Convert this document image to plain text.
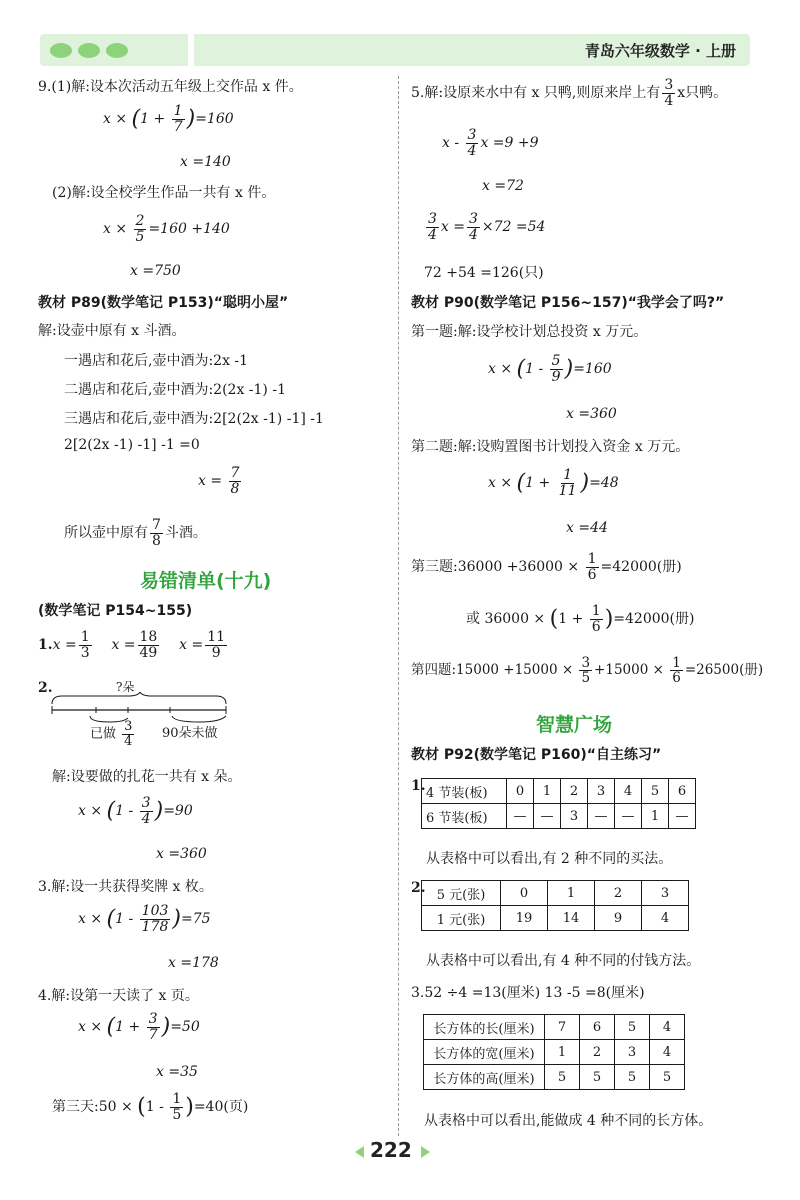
青岛六年级数学 · 上册
9.(1)解:设本次活动五年级上交作品 x 件。
$x \times (1 + \frac{1}{7} )=160$
x =140
(2)解:设全校学生作品一共有 x 件。
$x \times \frac{2}{5} =160 +140$
x =750
教材 P89(数学笔记 P153)“聪明小屋”
解:设壶中原有 x 斗酒。
一遇店和花后,壶中酒为:2x -1
二遇店和花后,壶中酒为:2(2x -1) -1
三遇店和花后,壶中酒为:2[2(2x -1) -1] -1
2[2(2x -1) -1] -1 =0
$x = \frac{7}{8}$
所以壶中原有 $\frac{7}{8}$ 斗酒。
易错清单(十九)
(数学笔记 P154~155)
$1.x = \frac{1}{3}$ $x = \frac{18}{49}$ $x = \frac{11}{9}$
2.	?朵
已做 $\frac{3}{4} 90$朵未做
解:设要做的扎花一共有 x 朵。
$x \times (1 - \frac{3}{4} )=90$
x =360
3.解:设一共获得奖牌 x 枚。
$x \times (1 - \frac{103}{178} )=75$
x =178
4.解:设第一天读了 x 页。
$x \times (1 + \frac{3}{7} )=50$
x =35
第三天:50 × $(1 - \frac{1}{5} )=40$(页)
5.解:设原来水中有 x 只鸭,则原来岸上有 $\frac{3}{4}$ x只鸭。
x - $\frac{3}{4}$ x =9 +9
x =72
$\frac{3}{4}$ $x = \frac{3}{4} \times 72 =54$
72 +54 =126(只)
教材 P90(数学笔记 P156~157)“我学会了吗?”
第一题:解:设学校计划总投资 x 万元。
$x \times (1 - \frac{5}{9} )=160$
x =360
第二题:解:设购置图书计划投入资金 x 万元。
$x \times (1 + \frac{1}{11} )=48$
x =44
第三题:36000 $+36000 \times \frac{1}{6} =42000$(册)
或 $36000 \times (1 + \frac{1}{6} )=42000$(册)
第四题:15000 $+15000 \times \frac{3}{5} +15000 \times \frac{1}{6} =26500$(册)
智慧广场
教材 P92(数学笔记 P160)“自主练习”
1. 4 节装(板)	0	1	2	3	4	5	6
6 节装(板)	—	—	3	—	—	1	—
从表格中可以看出,有 2 种不同的买法。
2. 5 元(张)	0	1	2	3
1 元(张)	19	14	9	4
从表格中可以看出,有 4 种不同的付钱方法。
3.52 ÷4 =13(厘米) 13 -5 =8(厘米)
长方体的长(厘米)	7	6	5	4
长方体的宽(厘米)	1	2	3	4
长方体的高(厘米)	5	5	5	5
从表格中可以看出,能做成 4 种不同的长方体。
222
